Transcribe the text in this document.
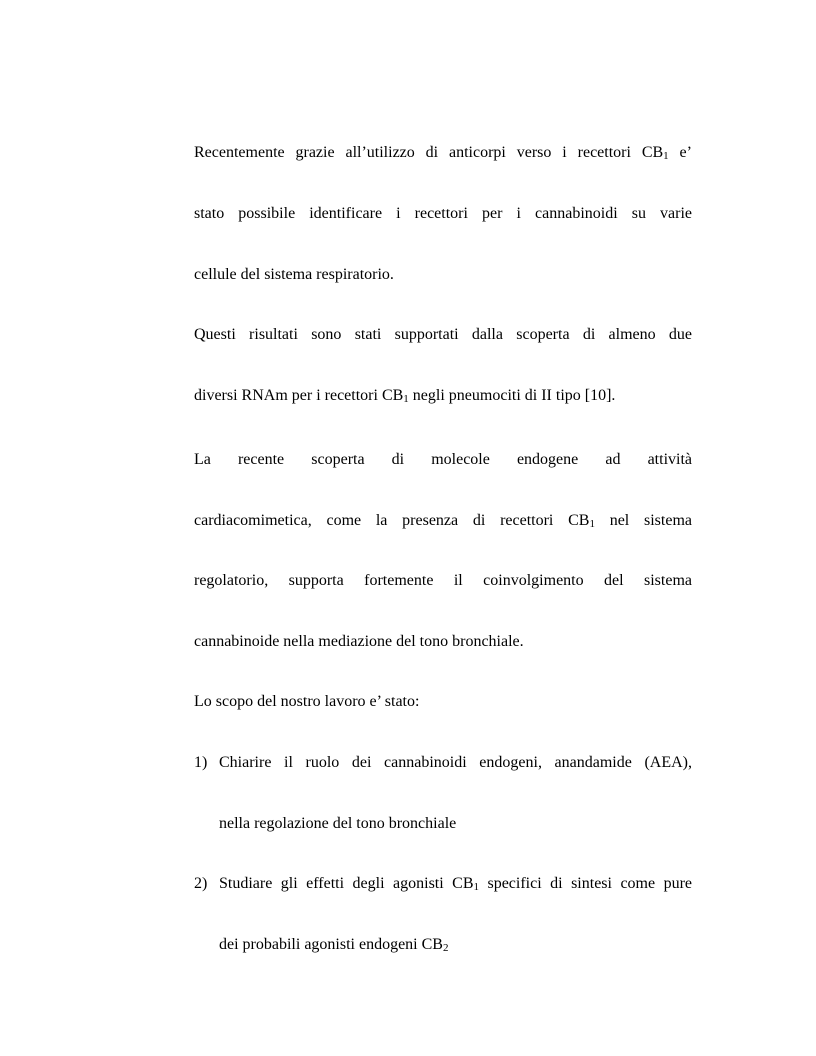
Recentemente grazie all’utilizzo di anticorpi verso i recettori $CB_1$ e’
stato possibile identificare i recettori per i cannabinoidi su varie
cellule del sistema respiratorio.
Questi risultati sono stati supportati dalla scoperta di almeno due
diversi RNAm per i recettori $CB_1$ negli pneumociti di II tipo [10].
La recente scoperta di molecole endogene ad attività
cardiacomimetica, come la presenza di recettori $CB_1$ nel sistema
regolatorio, supporta fortemente il coinvolgimento del sistema
cannabinoide nella mediazione del tono bronchiale.
Lo scopo del nostro lavoro e’ stato:
1) Chiarire il ruolo dei cannabinoidi endogeni, anandamide (AEA),
nella regolazione del tono bronchiale
2) Studiare gli effetti degli agonisti $CB_1$ specifici di sintesi come pure
dei probabili agonisti endogeni $CB_2$
